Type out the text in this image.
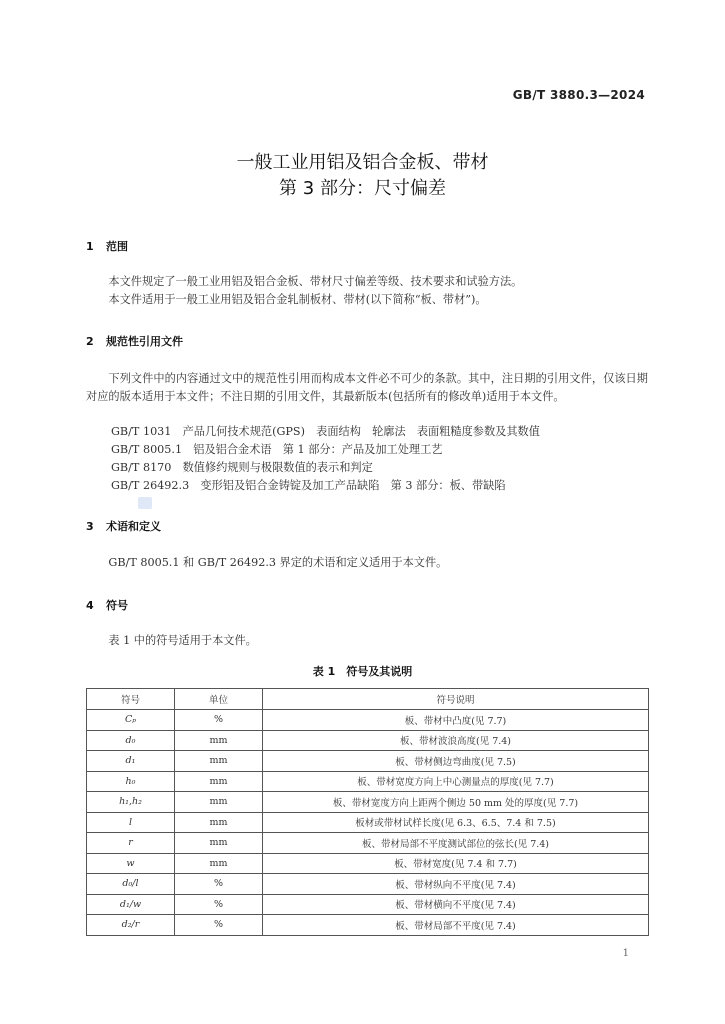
GB/T 3880.3—2024
一般工业用铝及铝合金板、带材
第 3 部分：尺寸偏差
1 范围

本文件规定了一般工业用铝及铝合金板、带材尺寸偏差等级、技术要求和试验方法。

本文件适用于一般工业用铝及铝合金轧制板材、带材(以下简称“板、带材”)。

2 规范性引用文件

下列文件中的内容通过文中的规范性引用而构成本文件必不可少的条款。其中，注日期的引用文件，仅该日期对应的版本适用于本文件；不注日期的引用文件，其最新版本(包括所有的修改单)适用于本文件。

GB/T 1031　产品几何技术规范(GPS)　表面结构　轮廓法　表面粗糙度参数及其数值
GB/T 8005.1　铝及铝合金术语　第 1 部分：产品及加工处理工艺
GB/T 8170　数值修约规则与极限数值的表示和判定
GB/T 26492.3　变形铝及铝合金铸锭及加工产品缺陷　第 3 部分：板、带缺陷
3 术语和定义

GB/T 8005.1 和 GB/T 26492.3 界定的术语和定义适用于本文件。

4 符号

表 1 中的符号适用于本文件。

表 1　符号及其说明
符号	单位	符号说明
Cₚ	%	板、带材中凸度(见 7.7)
d₀	mm	板、带材波浪高度(见 7.4)
d₁	mm	板、带材侧边弯曲度(见 7.5)
h₀	mm	板、带材宽度方向上中心测量点的厚度(见 7.7)
h₁,h₂	mm	板、带材宽度方向上距两个侧边 50 mm 处的厚度(见 7.7)
l	mm	板材或带材试样长度(见 6.3、6.5、7.4 和 7.5)
r	mm	板、带材局部不平度测试部位的弦长(见 7.4)
w	mm	板、带材宽度(见 7.4 和 7.7)
d₀/l	%	板、带材纵向不平度(见 7.4)
d₁/w	%	板、带材横向不平度(见 7.4)
d₂/r	%	板、带材局部不平度(见 7.4)
1
